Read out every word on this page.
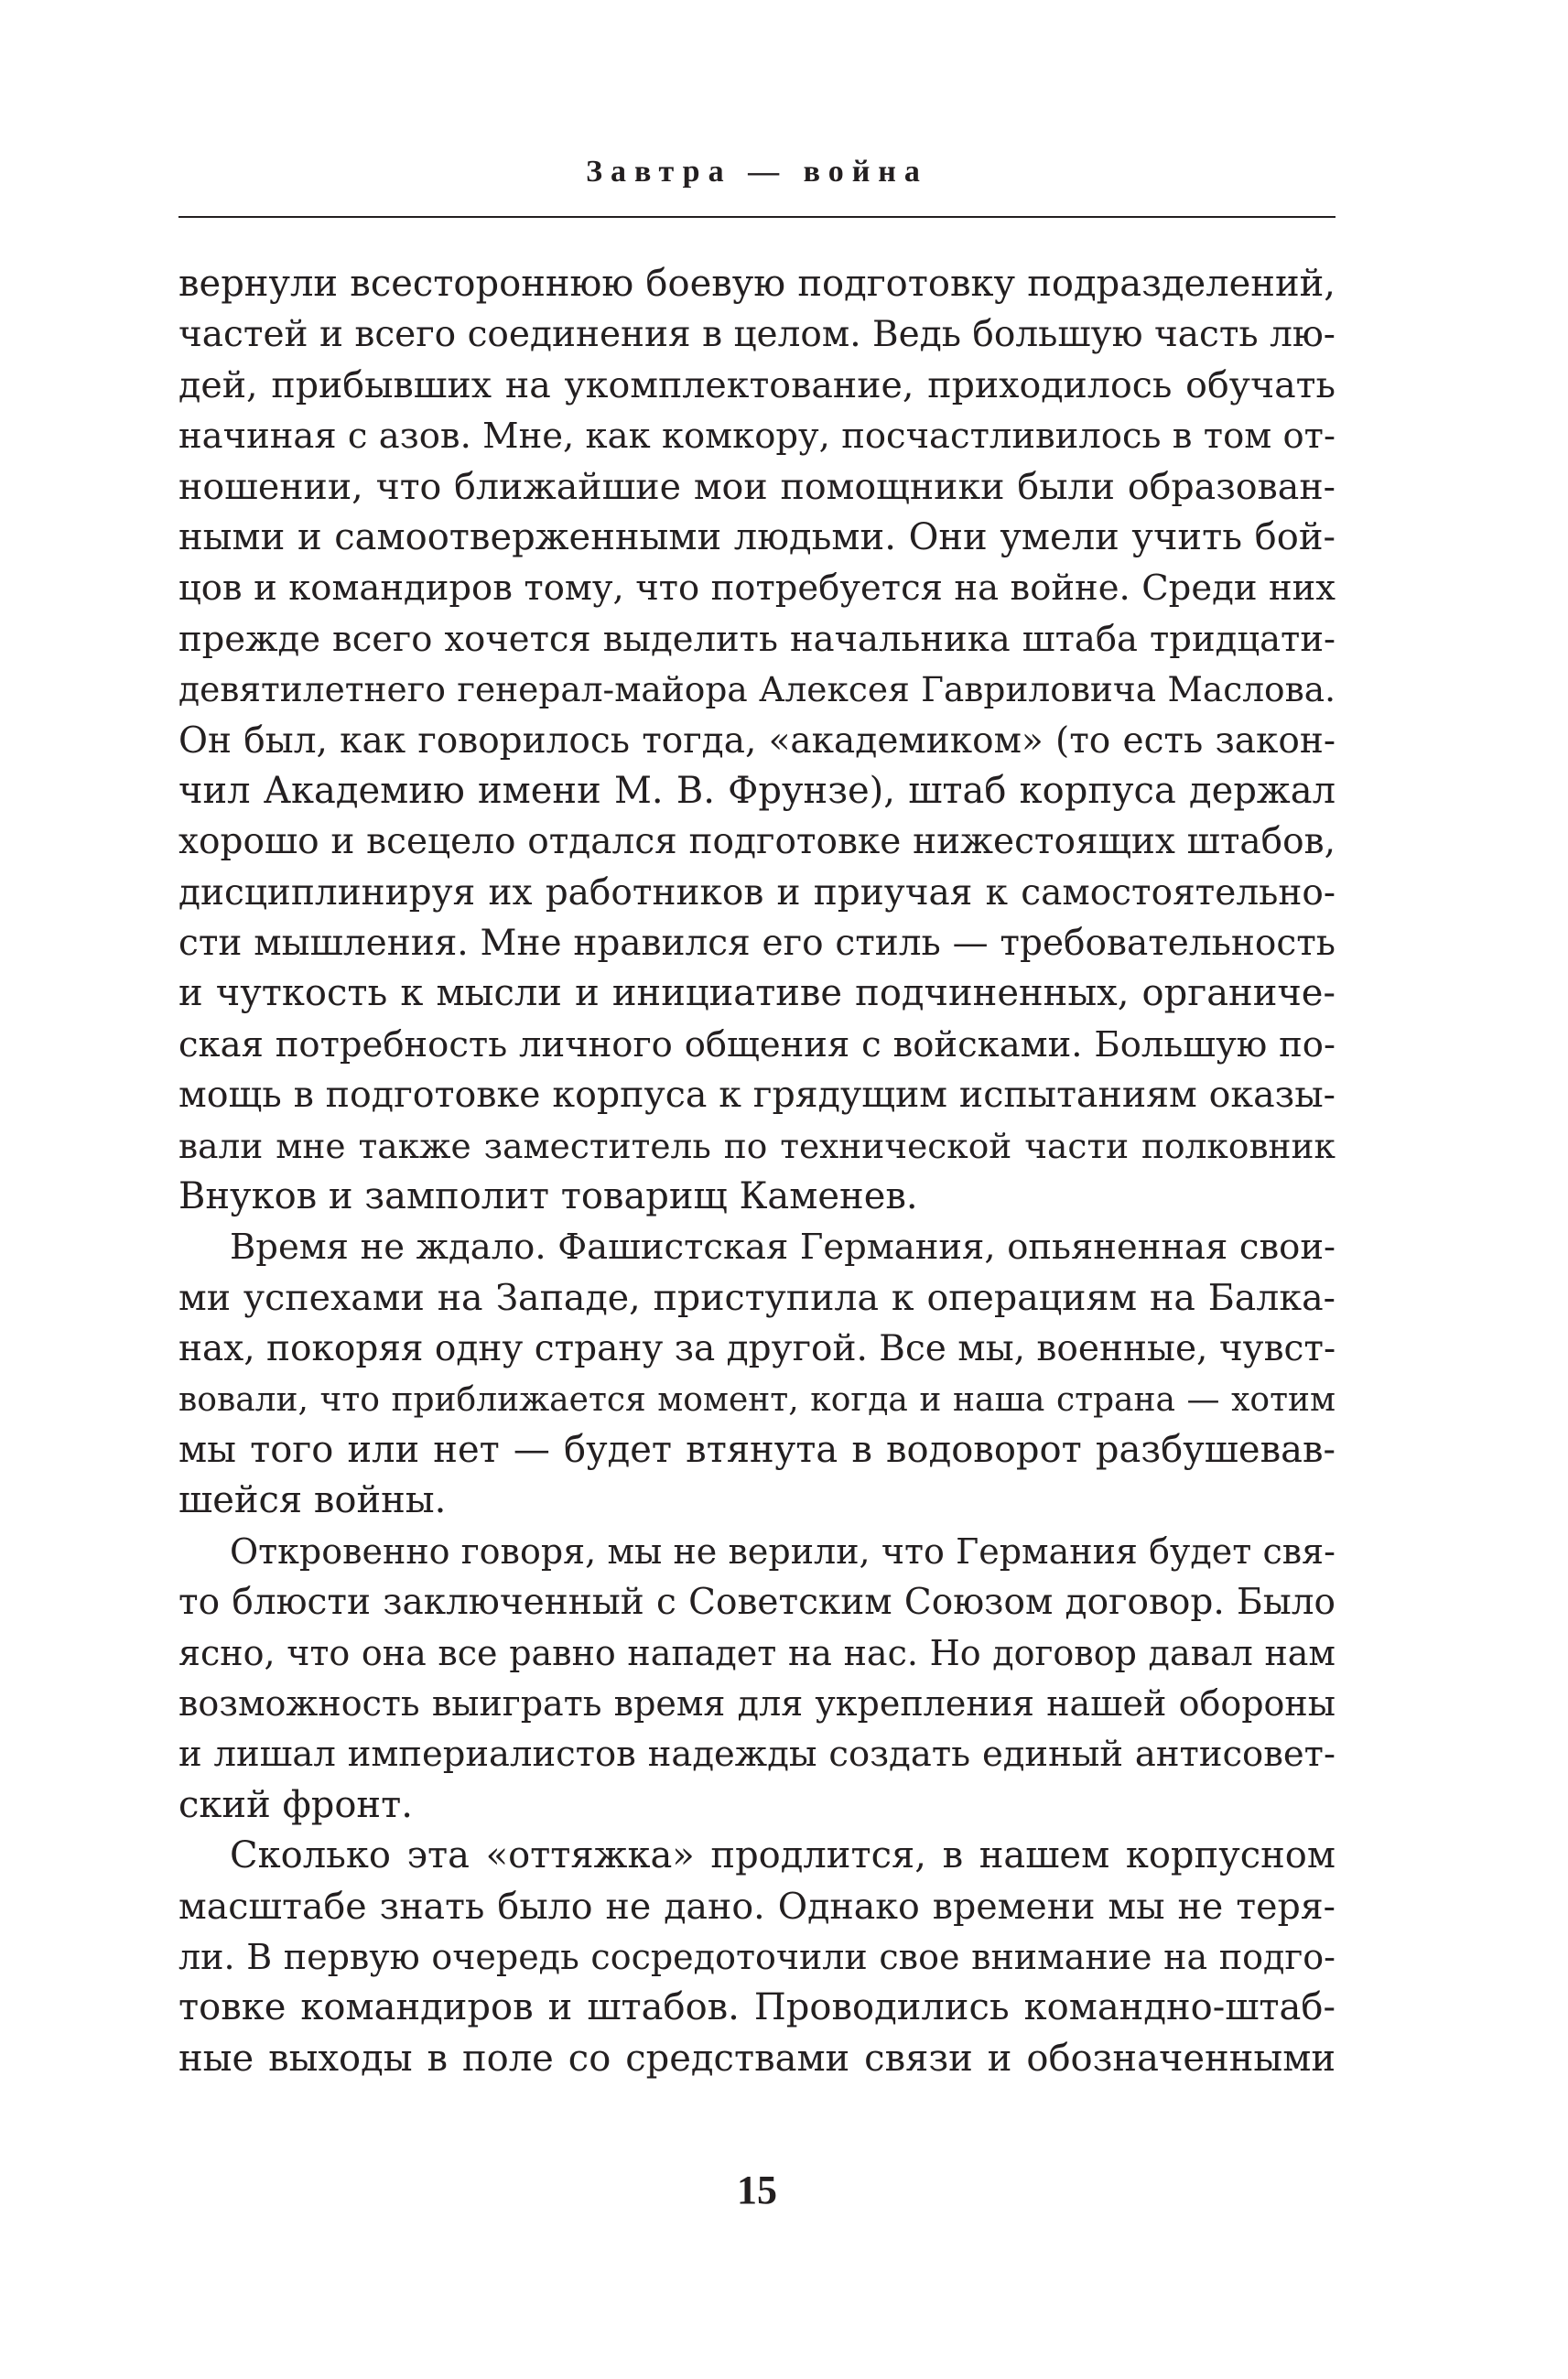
Завтра — война
вернули всестороннюю боевую подготовку подразделений,
частей и всего соединения в целом. Ведь большую часть лю-
дей, прибывших на укомплектование, приходилось обучать
начиная с азов. Мне, как комкору, посчастливилось в том от-
ношении, что ближайшие мои помощники были образован-
ными и самоотверженными людьми. Они умели учить бой-
цов и командиров тому, что потребуется на войне. Среди них
прежде всего хочется выделить начальника штаба тридцати-
девятилетнего генерал-майора Алексея Гавриловича Маслова.
Он был, как говорилось тогда, «академиком» (то есть закон-
чил Академию имени М. В. Фрунзе), штаб корпуса держал
хорошо и всецело отдался подготовке нижестоящих штабов,
дисциплинируя их работников и приучая к самостоятельно-
сти мышления. Мне нравился его стиль — требовательность
и чуткость к мысли и инициативе подчиненных, органиче-
ская потребность личного общения с войсками. Большую по-
мощь в подготовке корпуса к грядущим испытаниям оказы-
вали мне также заместитель по технической части полковник
Внуков и замполит товарищ Каменев.
Время не ждало. Фашистская Германия, опьяненная свои-
ми успехами на Западе, приступила к операциям на Балка-
нах, покоряя одну страну за другой. Все мы, военные, чувст-
вовали, что приближается момент, когда и наша страна — хотим
мы того или нет — будет втянута в водоворот разбушевав-
шейся войны.
Откровенно говоря, мы не верили, что Германия будет свя-
то блюсти заключенный с Советским Союзом договор. Было
ясно, что она все равно нападет на нас. Но договор давал нам
возможность выиграть время для укрепления нашей обороны
и лишал империалистов надежды создать единый антисовет-
ский фронт.
Сколько эта «оттяжка» продлится, в нашем корпусном
масштабе знать было не дано. Однако времени мы не теря-
ли. В первую очередь сосредоточили свое внимание на подго-
товке командиров и штабов. Проводились командно-штаб-
ные выходы в поле со средствами связи и обозначенными
15
